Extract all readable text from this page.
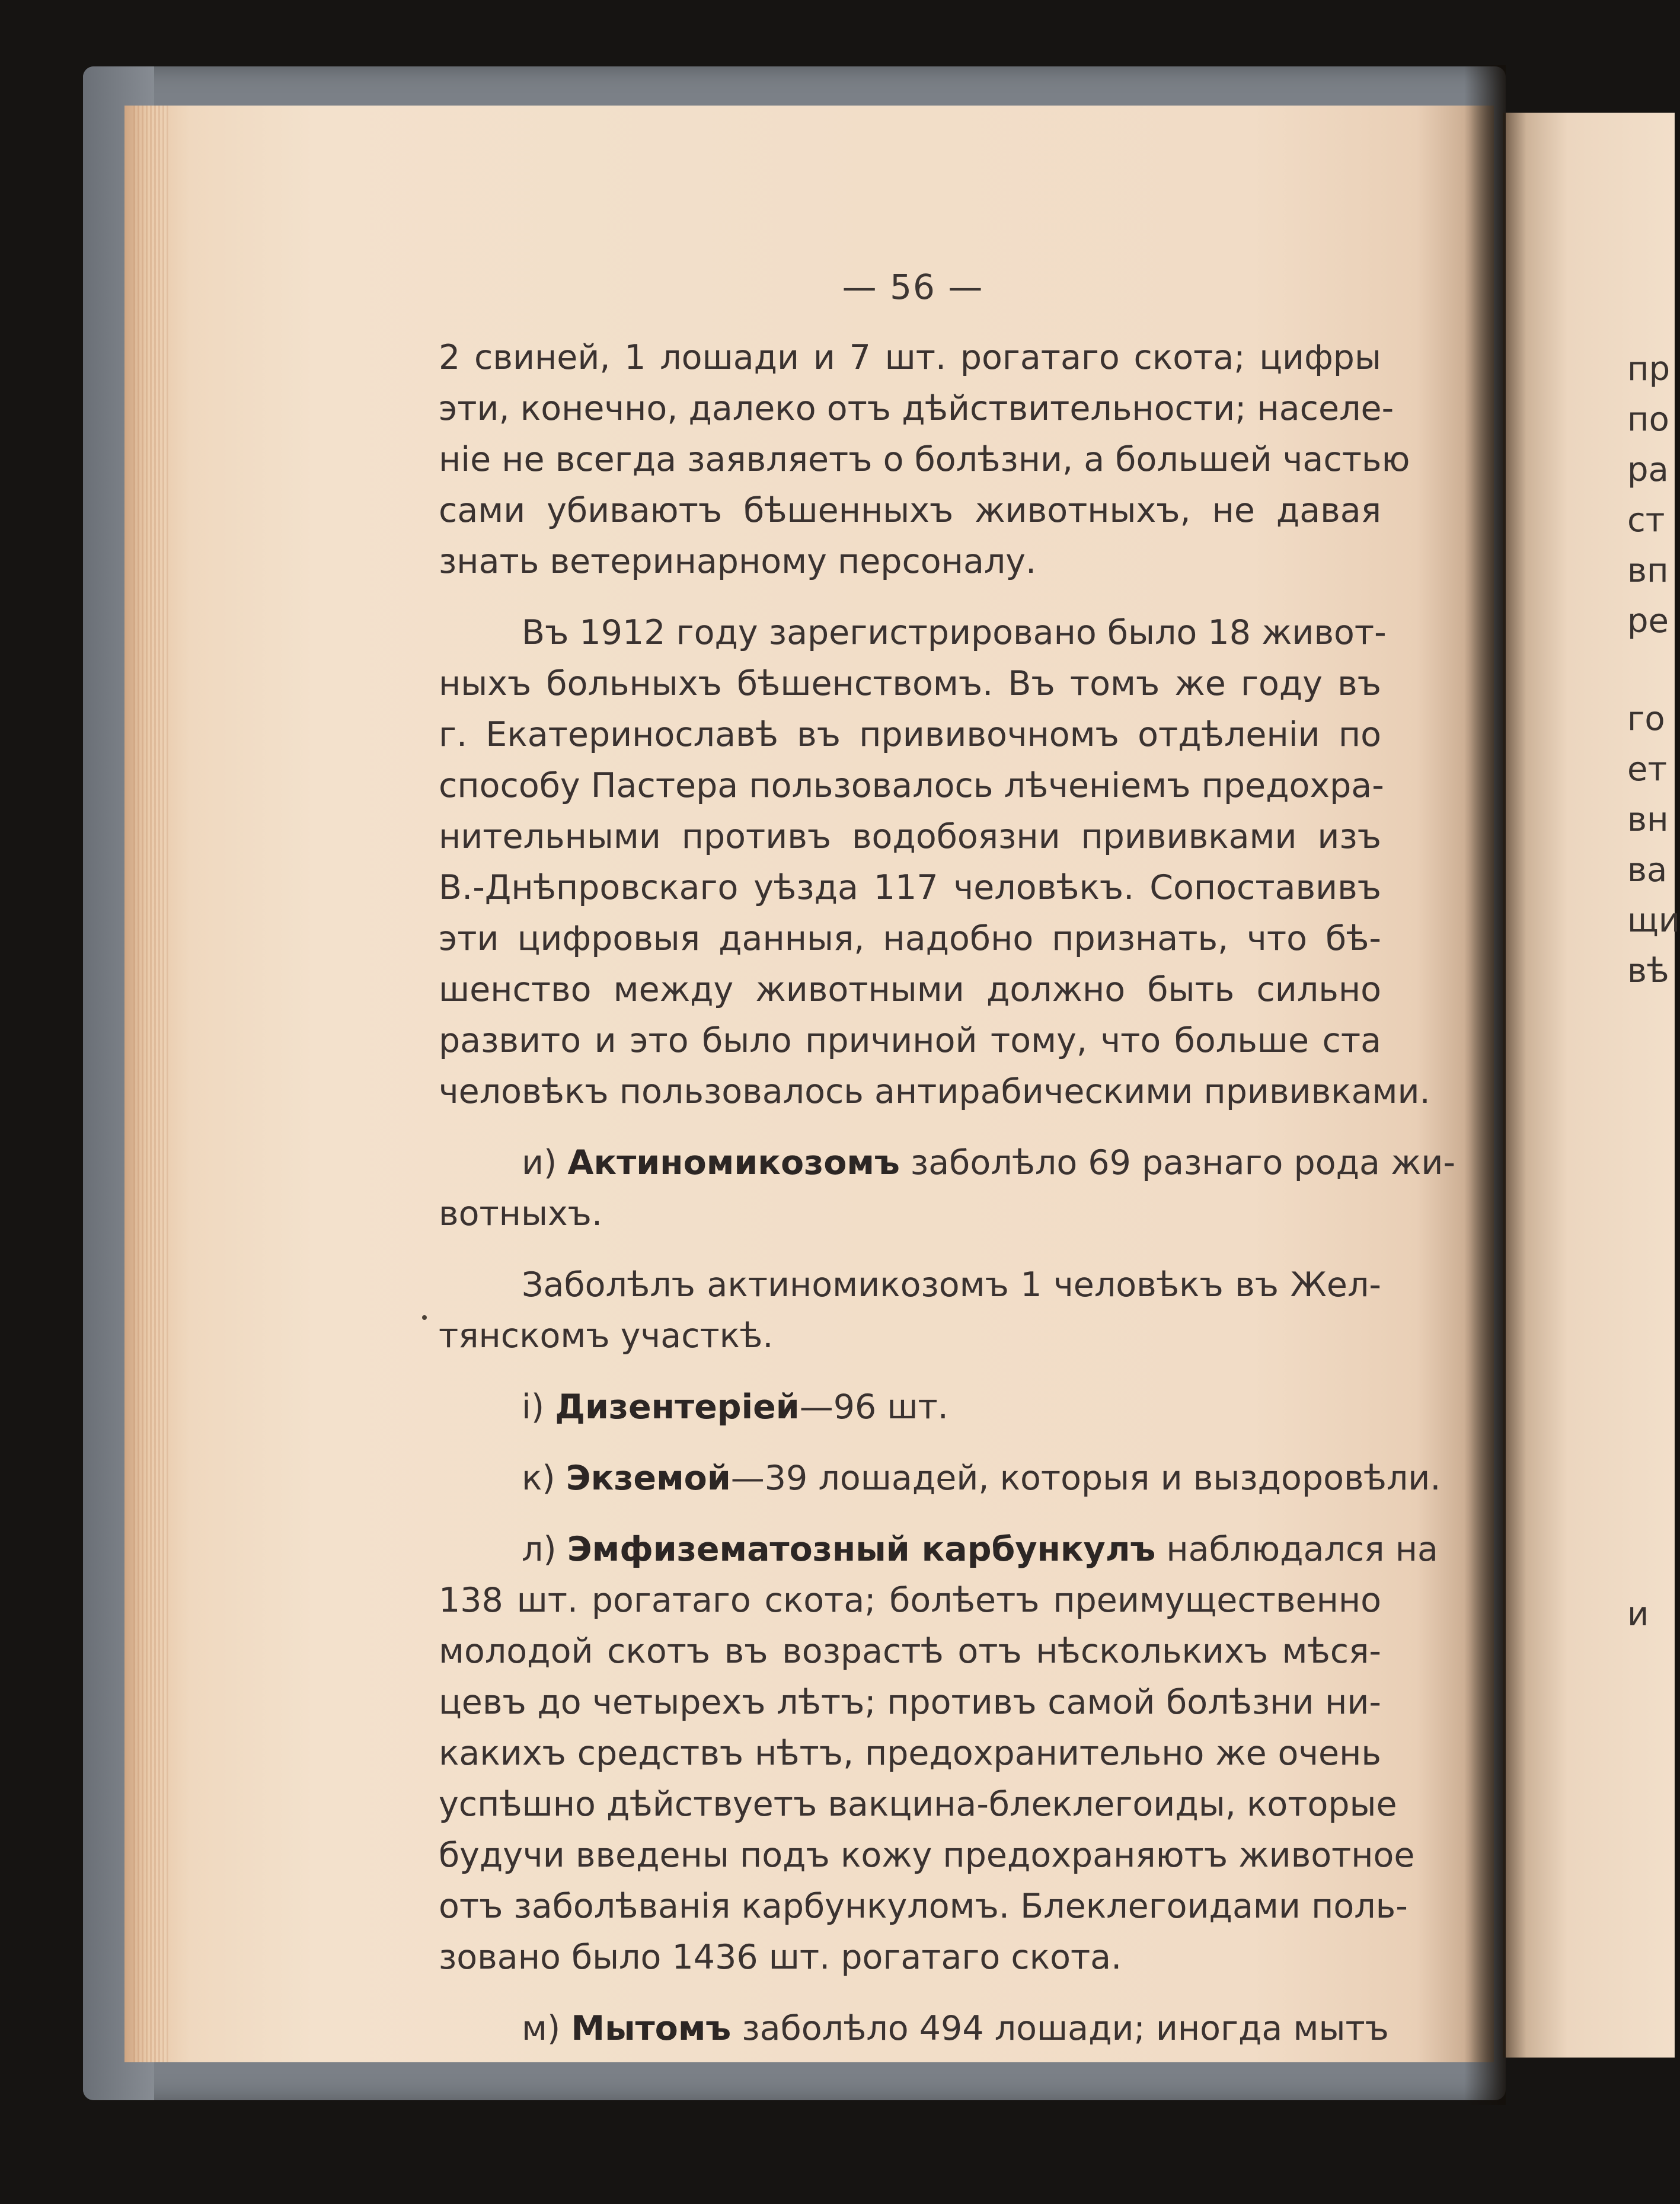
пр
по
ра
ст
вп
ре
го
ет
вн
ва
щи
вѣ
и
— 56 —
2 свиней, 1 лошади и 7 шт. рогатаго скота; цифры
эти, конечно, далеко отъ дѣйствительности; населе-
нiе не всегда заявляетъ о болѣзни, а большей частью
сами убиваютъ бѣшенныхъ животныхъ, не давая
знать ветеринарному персоналу.
Въ 1912 году зарегистрировано было 18 живот-
ныхъ больныхъ бѣшенствомъ. Въ томъ же году въ
г. Екатеринославѣ въ прививочномъ отдѣленiи по
способу Пастера пользовалось лѣченiемъ предохра-
нительными противъ водобоязни прививками изъ
В.-Днѣпровскаго уѣзда 117 человѣкъ. Сопоставивъ
эти цифровыя данныя, надобно признать, что бѣ-
шенство между животными должно быть сильно
развито и это было причиной тому, что больше ста
человѣкъ пользовалось антирабическими прививками.
и) Актиномикозомъ заболѣло 69 разнаго рода жи-
вотныхъ.
Заболѣлъ актиномикозомъ 1 человѣкъ въ Жел-
тянскомъ участкѣ.
i) Дизентерiей—96 шт.
к) Экземой—39 лошадей, которыя и выздоровѣли.
л) Эмфизематозный карбункулъ наблюдался на
138 шт. рогатаго скота; болѣетъ преимущественно
молодой скотъ въ возрастѣ отъ нѣсколькихъ мѣся-
цевъ до четырехъ лѣтъ; противъ самой болѣзни ни-
какихъ средствъ нѣтъ, предохранительно же очень
успѣшно дѣйствуетъ вакцина-блеклегоиды, которые
будучи введены подъ кожу предохраняютъ животное
отъ заболѣванiя карбункуломъ. Блеклегоидами поль-
зовано было 1436 шт. рогатаго скота.
м) Мытомъ заболѣло 494 лошади; иногда мытъ
